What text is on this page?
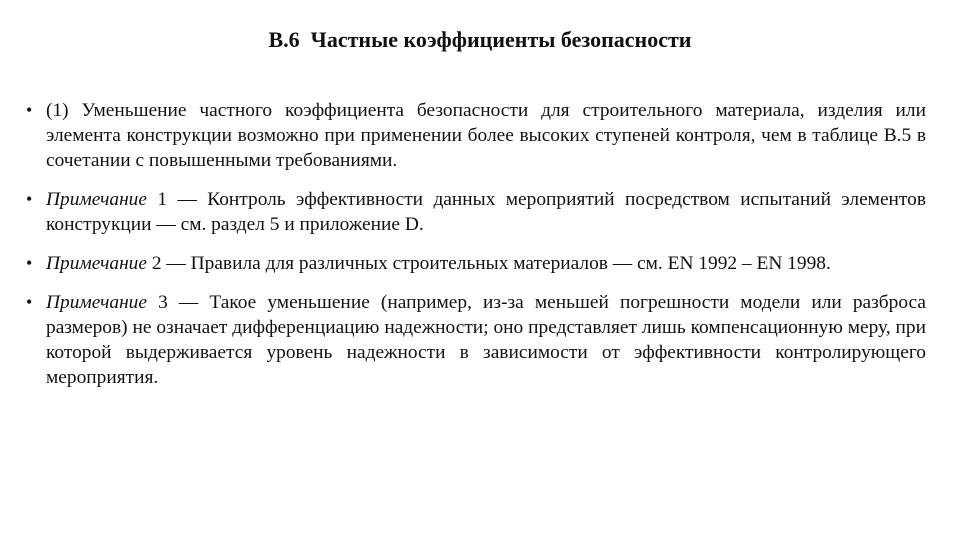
В.6  Частные коэффициенты безопасности
• (1) Уменьшение частного коэффициента безопасности для строительного материала, изделия или элемента конструкции возможно при применении более высоких ступеней контроля, чем в таблице В.5 в сочетании с повышенными требованиями.
• Примечание 1 — Контроль эффективности данных мероприятий посредством испытаний элементов конструкции — см. раздел 5 и приложение D.
• Примечание 2 — Правила для различных строительных материалов — см. EN 1992 – EN 1998.
• Примечание 3 — Такое уменьшение (например, из-за меньшей погрешности модели или разброса размеров) не означает дифференциацию надежности; оно представляет лишь компенсационную меру, при которой выдерживается уровень надежности в зависимости от эффективности контролирующего мероприятия.
